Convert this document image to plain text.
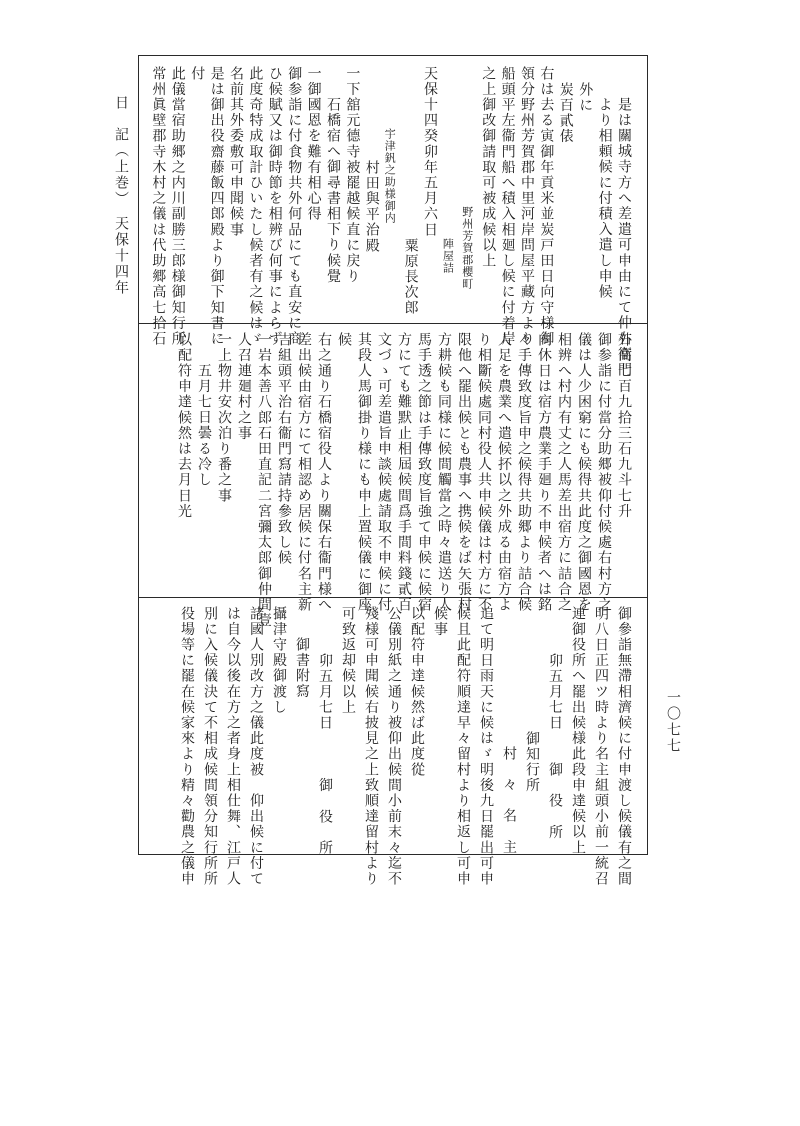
日　記（上巻）　天保十四年
一〇七七
是は關城寺方へ差遣可申由にて仲右衞門
より相頼候に付積入遣し申候
外に
炭百貳俵
右は去る寅御年貢米並炭戸田日向守様御
領分野州芳賀郡中里河岸問屋平藏方より
船頭平左衞門船へ積入相廻し候に付着岸
之上御改御請取可被成候以上
野州芳賀郡櫻町
陣屋詰
天保十四癸卯年五月六日
粟原長次郎
宇津釩之助様御内
村田與平治殿
一下舘元德寺被罷越候直に戻り
石橋宿へ御尋書相下り候覺
一御國恩を難有相心得
御参詣に付食物共外何品にても直安に商
ひ候賦又は御時節を相辨び何事によらず
此度奇特成取計ひいたし候者有之候はゞ
名前其外委敷可申聞候事
是は御出役齋藤飯四郎殿より御下知書に
付
此儀當宿助郷之内川副勝三郎様御知行所
常州眞壁郡寺木村之儀は代助郷高七拾石
外高七百九拾三石九斗七升
御参詣に付當分助郷被仰付候處右村方之
儀は人少困窮にも候得共此度之御國恩を
相辨へ村内有丈之人馬差出宿方に詰合之
内休日は宿方農業手廻り不申候者へは銘
々手傳致度旨申之候得共助郷より詰合候
人足を農業へ遣候抔以之外成る由宿方よ
り相斷候處同村役人共申候儀は村方に不
限他へ罷出候とも農事へ携候をば矢張村
方耕候も同様に候間觸當之時々遣送り人
馬手透之節は手傳致度旨強て申候に候宿
方にても難默止相屆候間爲手間料錢貳百
文づゝ可差遣旨申談候處請取不申候に付
其段人馬御掛り様にも申上置候儀に御座
候
右之通り石橋宿役人より關保右衞門様へ
差出候由宿方にて相認め居候に付名主新
吉組頭平治右衞門寫請持參致し候
一岩本善八郎石田直記二宮彌太郎御仲間壹
人召連廻村之事
一上物井安次泊り番之事
五月七日曇る冷し
以配符申達候然は去月日光
御參詣無滯相濟候に付申渡し候儀有之間
明八日正四ツ時より名主組頭小前一統召
連御役所へ罷出候様此段申達候以上
卯五月七日　　御　役　所
御知行所
村　々　名　主
追て明日雨天に候はゞ明後九日罷出可申
候且此配符順達早々留村より相返し可申
候事
以配符申達候然ば此度從
公儀別紙之通り被仰出候間小前末々迄不
殘様可申聞候右披見之上致順達留村より
可致返却候以上
卯五月七日　　　御　役　所
御書附寫
攝津守殿御渡し
諸國人別改方之儀此度被　仰出候に付て
は自今以後在方之者身上相仕舞、江戸人
別に入候儀決て不相成候間領分知行所所
役場等に罷在候家來より精々勸農之儀申
